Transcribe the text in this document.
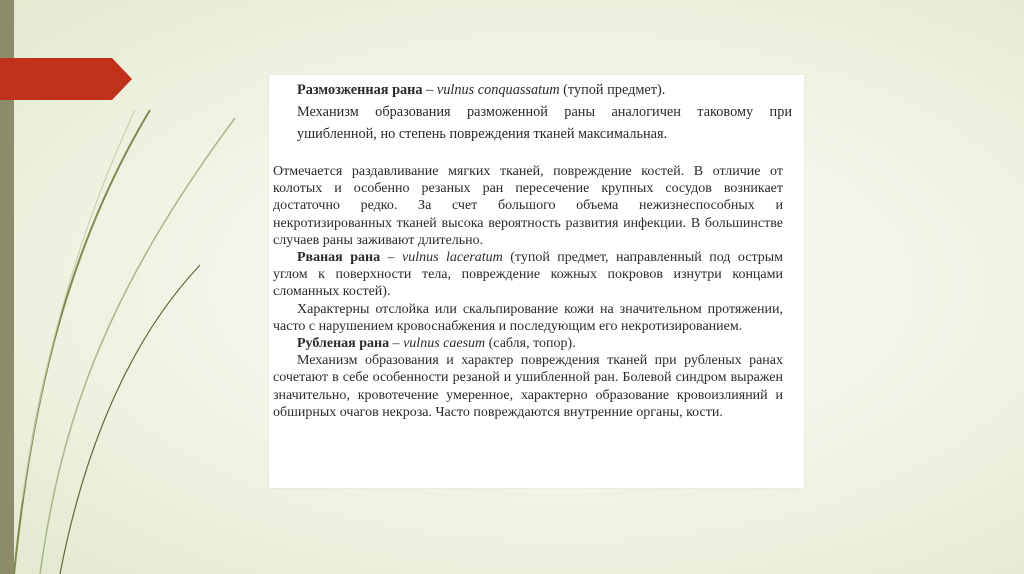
Размозженная рана – vulnus conquassatum (тупой предмет).

Механизм образования разможенной раны аналогичен таковому при ушибленной, но степень повреждения тканей максимальная.

Отмечается раздавливание мягких тканей, повреждение костей. В отличие от колотых и особенно резаных ран пересечение крупных сосудов возникает достаточно редко. За счет большого объема нежизнеспособных и некротизированных тканей высока вероятность развития инфекции. В большинстве случаев раны заживают длительно.

Рваная рана – vulnus laceratum (тупой предмет, направленный под острым углом к поверхности тела, повреждение кожных покровов изнутри концами сломанных костей).

Характерны отслойка или скальпирование кожи на значительном протяжении, часто с нарушением кровоснабжения и последующим его некротизированием.

Рубленая рана – vulnus caesum (сабля, топор).

Механизм образования и характер повреждения тканей при рубленых ранах сочетают в себе особенности резаной и ушибленной ран. Болевой синдром выражен значительно, кровотечение умеренное, характерно образование кровоизлияний и обширных очагов некроза. Часто повреждаются внутренние органы, кости.
